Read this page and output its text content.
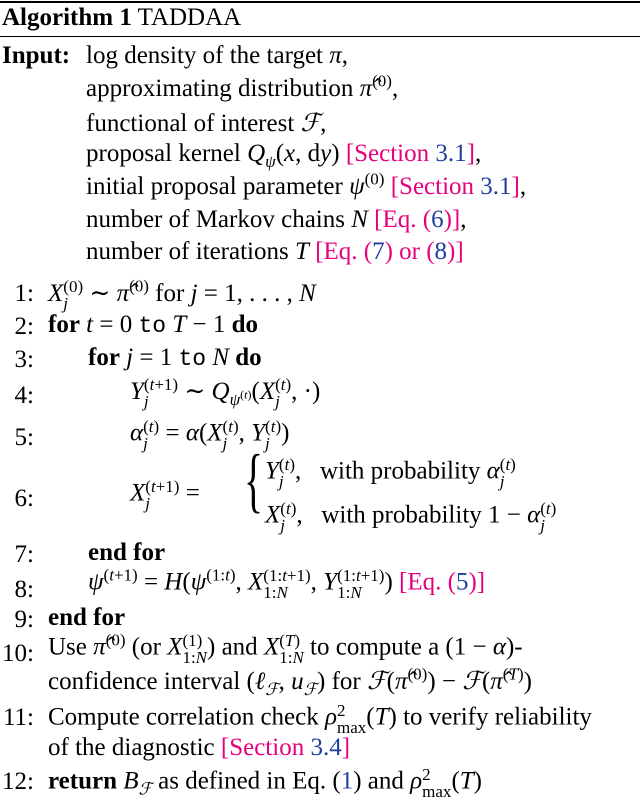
Algorithm 1 TADDAA
Input: log density of the target π,
approximating distribution π̂$^{(0)}$,
functional of interest ℱ,
proposal kernel $Q_\psi(x$, dy) [Section 3.1],
initial proposal parameter $\psi^{(0)}$ [Section 3.1],
number of Markov chains N [Eq. (6)],
number of iterations T [Eq. (7) or (8)]
1: X (0)
j ∼ π̂$^{(0)}$ for j = 1, . . . , N
2: for t = 0 to T − 1 do
3: for j = 1 to N do
4:	Y (t+1)
j	∼ $Q_{\psi^{(t)}}(X$ (t)
j , ·)
5:	α (t)
j = α(X (t)
j , Y (t)
j )
6:	X (t+1)
j	= { Y (t)
j ,   with probability α (t)
j
X (t)
j ,   with probability 1 − α (t)
j
7: end for
8: $\psi^{(t+1)} = H(\psi^{(1:t)}$, X (1:t+1)
1:N , Y (1:t+1)
1:N ) [Eq. (5)]
9: end for
10: Use π̂$^{(0)}$ (or X (1)
1:N ) and X (T)
1:N to compute a (1 − α)-
confidence interval (ℓ$_ℱ$, $u_ℱ$) for ℱ(π̂$^{(0)}$) − ℱ(π̂$^{(T)}$)
11: Compute correlation check ρ 2
max (T) to verify reliability
of the diagnostic [Section 3.4]
12: return $B_ℱ$ as defined in Eq. (1) and ρ 2
max (T)
